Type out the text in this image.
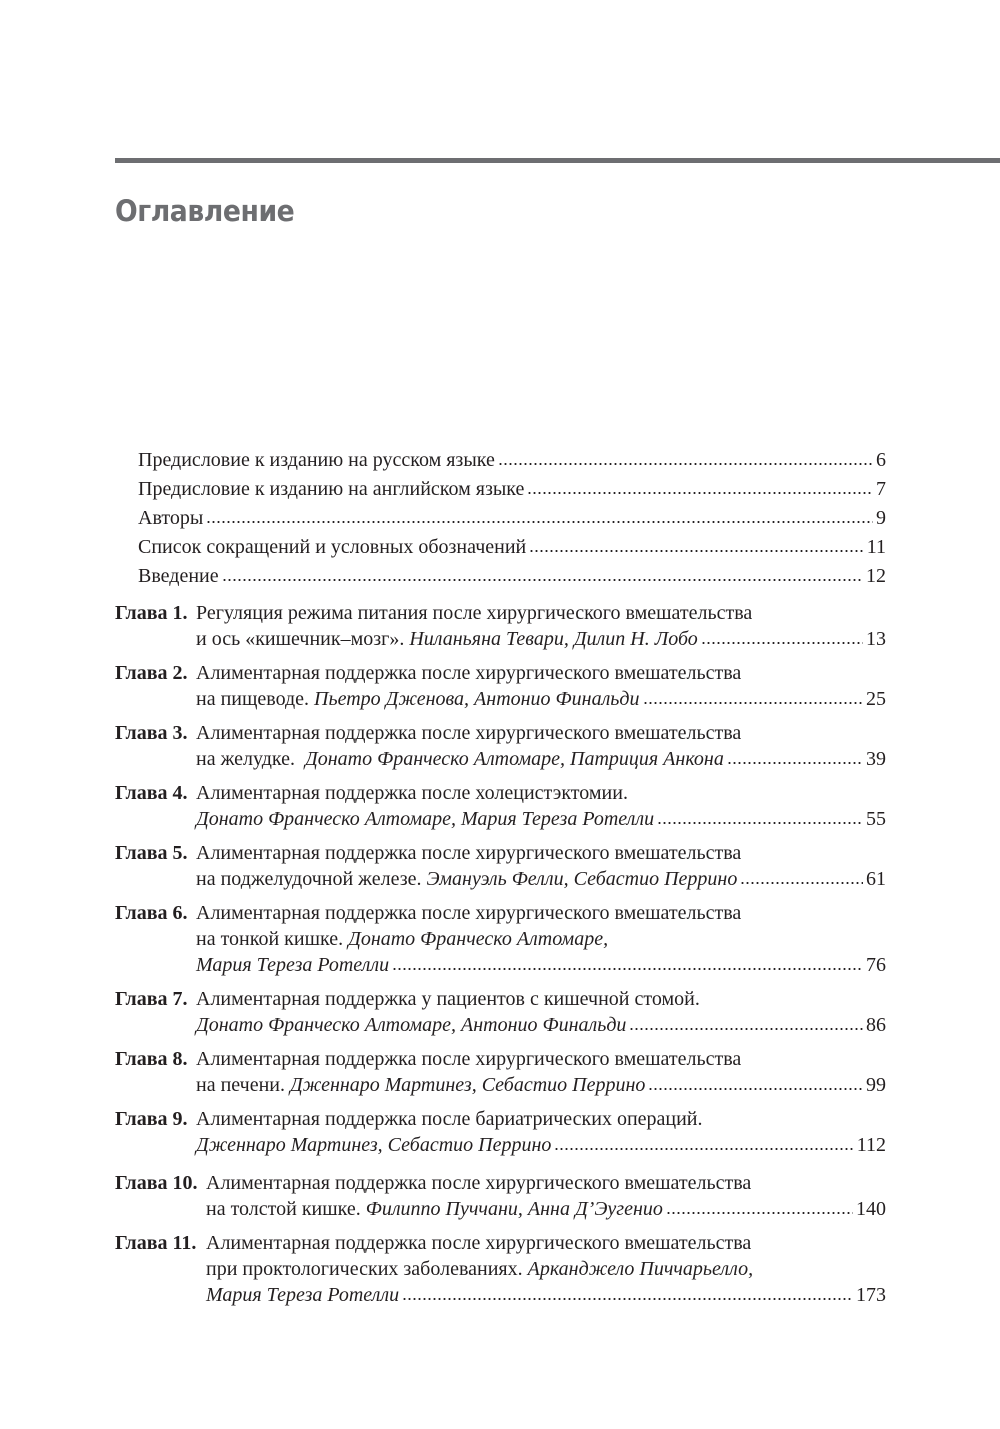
Оглавление
Предисловие к изданию на русском языке	6
Предисловие к изданию на английском языке	7
Авторы	9
Список сокращений и условных обозначений	11
Введение	12
Глава 1. Регуляция режима питания после хирургического вмешательства
и ось «кишечник–мозг». Ниланьяна Тевари, Дилип Н. Лобо	13
Глава 2. Алиментарная поддержка после хирургического вмешательства
на пищеводе. Пьетро Дженова, Антонио Финальди	25
Глава 3. Алиментарная поддержка после хирургического вмешательства
на желудке. Донато Франческо Алтомаре, Патриция Анкона	39
Глава 4. Алиментарная поддержка после холецистэктомии.
Донато Франческо Алтомаре, Мария Тереза Ротелли	55
Глава 5. Алиментарная поддержка после хирургического вмешательства
на поджелудочной железе. Эмануэль Фелли, Себастио Перрино	61
Глава 6. Алиментарная поддержка после хирургического вмешательства
на тонкой кишке. Донато Франческо Алтомаре,
Мария Тереза Ротелли	76
Глава 7. Алиментарная поддержка у пациентов с кишечной стомой.
Донато Франческо Алтомаре, Антонио Финальди	86
Глава 8. Алиментарная поддержка после хирургического вмешательства
на печени. Дженнаро Мартинез, Себастио Перрино	99
Глава 9. Алиментарная поддержка после бариатрических операций.
Дженнаро Мартинез, Себастио Перрино	112
Глава 10. Алиментарная поддержка после хирургического вмешательства
на толстой кишке. Филиппо Пуччани, Анна Д’Эугенио	140
Глава 11. Алиментарная поддержка после хирургического вмешательства
при проктологических заболеваниях. Арканджело Пиччарьелло,
Мария Тереза Ротелли	173
